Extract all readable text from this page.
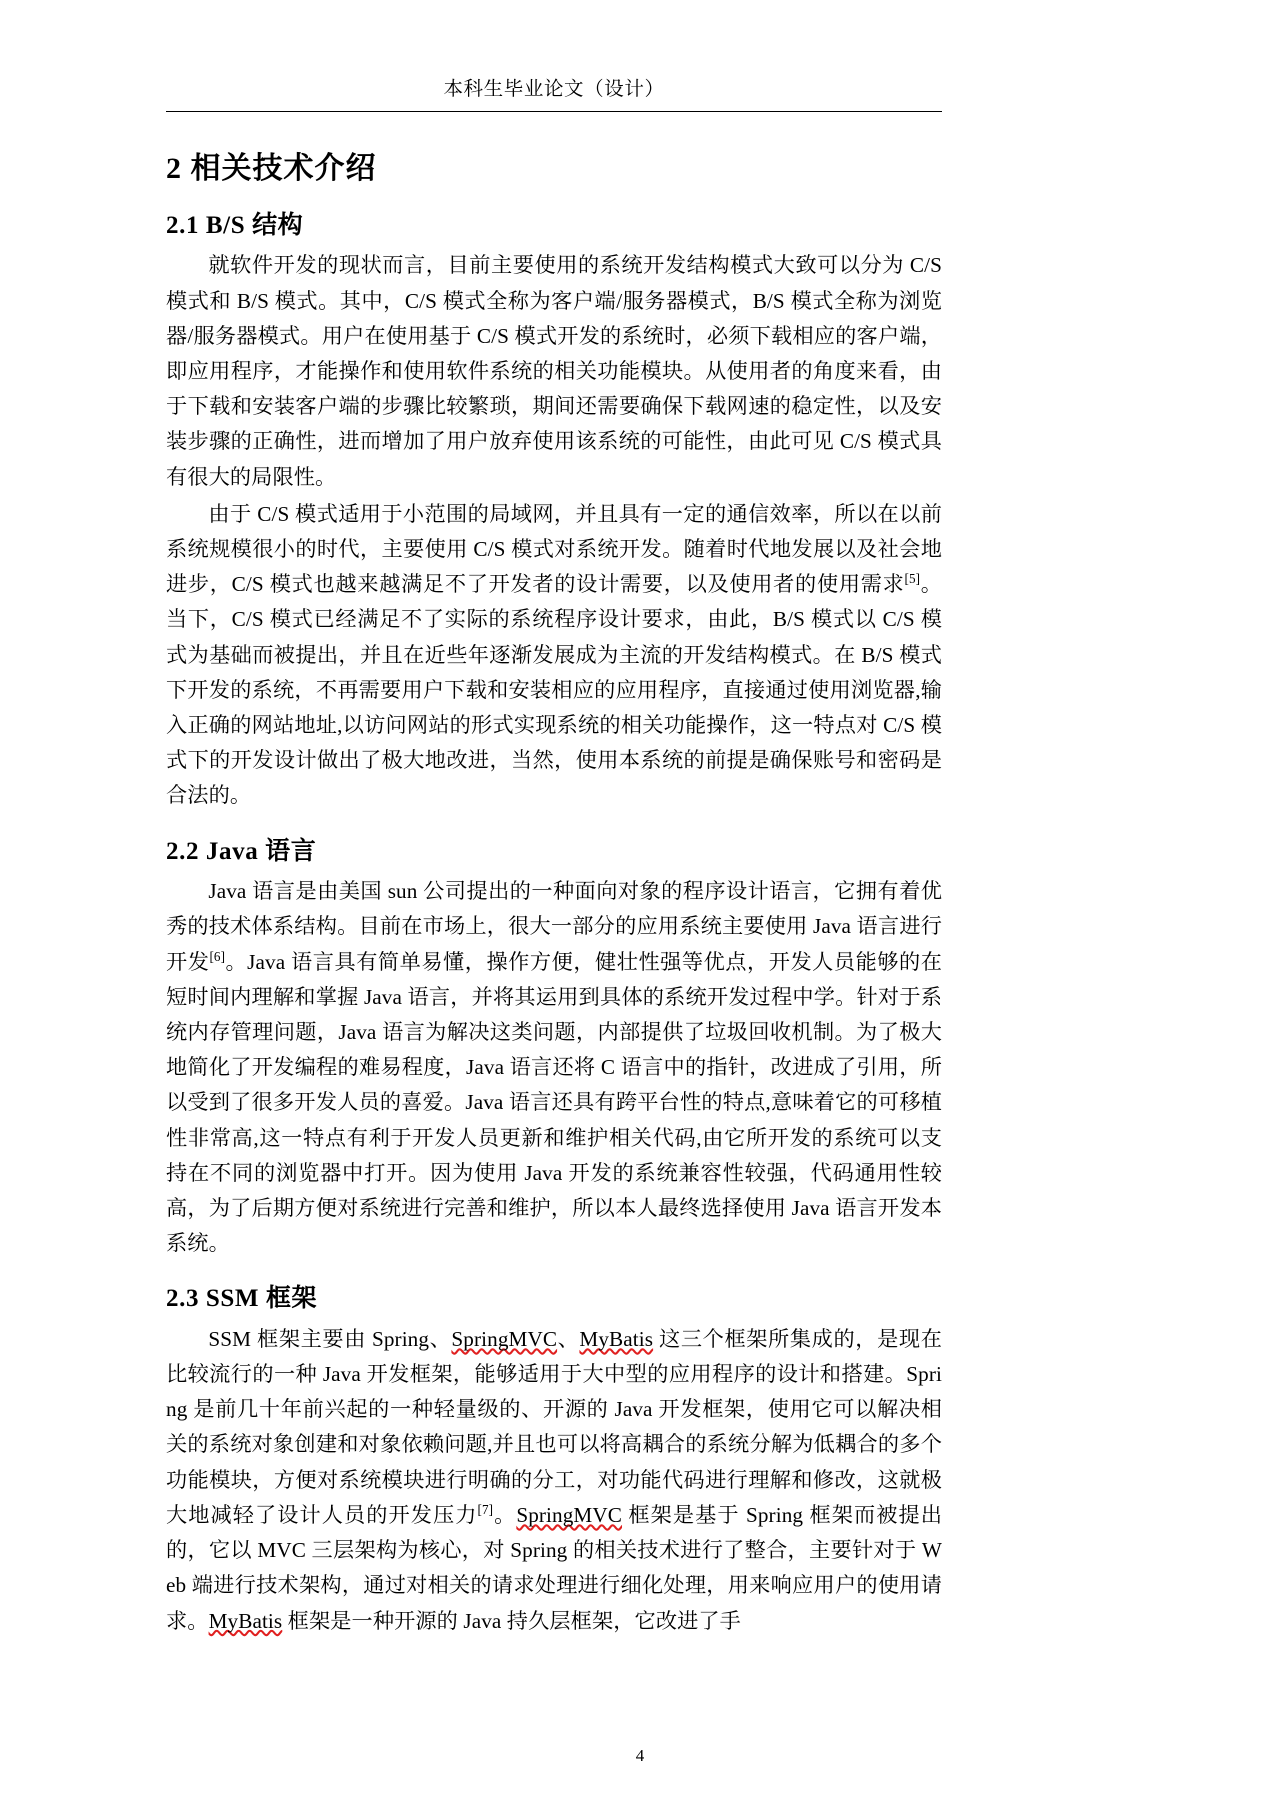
本科生毕业论文（设计）
2 相关技术介绍
2.1 B/S 结构

就软件开发的现状而言，目前主要使用的系统开发结构模式大致可以分为 C/S 模式和 B/S 模式。其中，C/S 模式全称为客户端/服务器模式，B/S 模式全称为浏览器/服务器模式。用户在使用基于 C/S 模式开发的系统时，必须下载相应的客户端，即应用程序，才能操作和使用软件系统的相关功能模块。从使用者的角度来看，由于下载和安装客户端的步骤比较繁琐，期间还需要确保下载网速的稳定性，以及安装步骤的正确性，进而增加了用户放弃使用该系统的可能性，由此可见 C/S 模式具有很大的局限性。

由于 C/S 模式适用于小范围的局域网，并且具有一定的通信效率，所以在以前系统规模很小的时代，主要使用 C/S 模式对系统开发。随着时代地发展以及社会地进步，C/S 模式也越来越满足不了开发者的设计需要，以及使用者的使用需求[5]。当下，C/S 模式已经满足不了实际的系统程序设计要求，由此，B/S 模式以 C/S 模式为基础而被提出，并且在近些年逐渐发展成为主流的开发结构模式。在 B/S 模式下开发的系统，不再需要用户下载和安装相应的应用程序，直接通过使用浏览器,输入正确的网站地址,以访问网站的形式实现系统的相关功能操作，这一特点对 C/S 模式下的开发设计做出了极大地改进，当然，使用本系统的前提是确保账号和密码是合法的。

2.2 Java 语言

Java 语言是由美国 sun 公司提出的一种面向对象的程序设计语言，它拥有着优秀的技术体系结构。目前在市场上，很大一部分的应用系统主要使用 Java 语言进行开发[6]。Java 语言具有简单易懂，操作方便，健壮性强等优点，开发人员能够的在短时间内理解和掌握 Java 语言，并将其运用到具体的系统开发过程中学。针对于系统内存管理问题，Java 语言为解决这类问题，内部提供了垃圾回收机制。为了极大地简化了开发编程的难易程度，Java 语言还将 C 语言中的指针，改进成了引用，所以受到了很多开发人员的喜爱。Java 语言还具有跨平台性的特点,意味着它的可移植性非常高,这一特点有利于开发人员更新和维护相关代码,由它所开发的系统可以支持在不同的浏览器中打开。因为使用 Java 开发的系统兼容性较强，代码通用性较高，为了后期方便对系统进行完善和维护，所以本人最终选择使用 Java 语言开发本系统。

2.3 SSM 框架

SSM 框架主要由 Spring、SpringMVC、MyBatis 这三个框架所集成的，是现在比较流行的一种 Java 开发框架，能够适用于大中型的应用程序的设计和搭建。Spring 是前几十年前兴起的一种轻量级的、开源的 Java 开发框架，使用它可以解决相关的系统对象创建和对象依赖问题,并且也可以将高耦合的系统分解为低耦合的多个功能模块，方便对系统模块进行明确的分工，对功能代码进行理解和修改，这就极大地减轻了设计人员的开发压力[7]。SpringMVC 框架是基于 Spring 框架而被提出的，它以 MVC 三层架构为核心，对 Spring 的相关技术进行了整合，主要针对于 Web 端进行技术架构，通过对相关的请求处理进行细化处理，用来响应用户的使用请求。MyBatis 框架是一种开源的 Java 持久层框架，它改进了手

4
